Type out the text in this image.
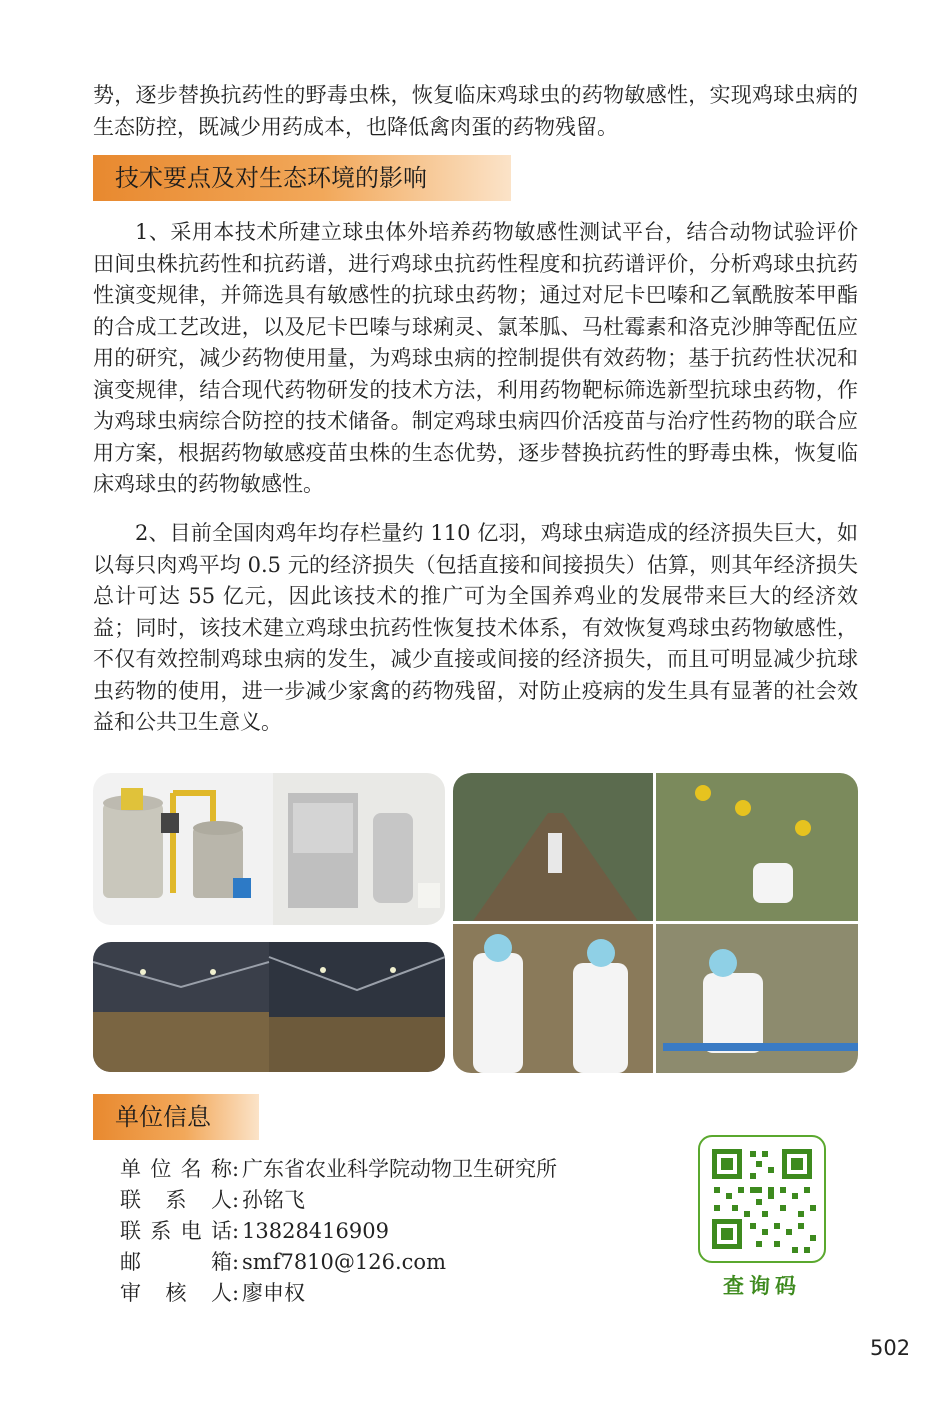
势，逐步替换抗药性的野毒虫株，恢复临床鸡球虫的药物敏感性，实现鸡球虫病的生态防控，既减少用药成本，也降低禽肉蛋的药物残留。

技术要点及对生态环境的影响

1、采用本技术所建立球虫体外培养药物敏感性测试平台，结合动物试验评价田间虫株抗药性和抗药谱，进行鸡球虫抗药性程度和抗药谱评价，分析鸡球虫抗药性演变规律，并筛选具有敏感性的抗球虫药物；通过对尼卡巴嗪和乙氧酰胺苯甲酯的合成工艺改进，以及尼卡巴嗪与球痢灵、氯苯胍、马杜霉素和洛克沙胂等配伍应用的研究，减少药物使用量，为鸡球虫病的控制提供有效药物；基于抗药性状况和演变规律，结合现代药物研发的技术方法，利用药物靶标筛选新型抗球虫药物，作为鸡球虫病综合防控的技术储备。制定鸡球虫病四价活疫苗与治疗性药物的联合应用方案，根据药物敏感疫苗虫株的生态优势，逐步替换抗药性的野毒虫株，恢复临床鸡球虫的药物敏感性。

2、目前全国肉鸡年均存栏量约 110 亿羽，鸡球虫病造成的经济损失巨大，如以每只肉鸡平均 0.5 元的经济损失（包括直接和间接损失）估算，则其年经济损失总计可达 55 亿元，因此该技术的推广可为全国养鸡业的发展带来巨大的经济效益；同时，该技术建立鸡球虫抗药性恢复技术体系，有效恢复鸡球虫药物敏感性，不仅有效控制鸡球虫病的发生，减少直接或间接的经济损失，而且可明显减少抗球虫药物的使用，进一步减少家禽的药物残留，对防止疫病的发生具有显著的社会效益和公共卫生意义。

单位信息
单位名称 : 广东省农业科学院动物卫生研究所
联系人 : 孙铭飞
联系电话 : 13828416909
邮箱 : smf7810@126.com
审核人 : 廖申权	查询码
502
